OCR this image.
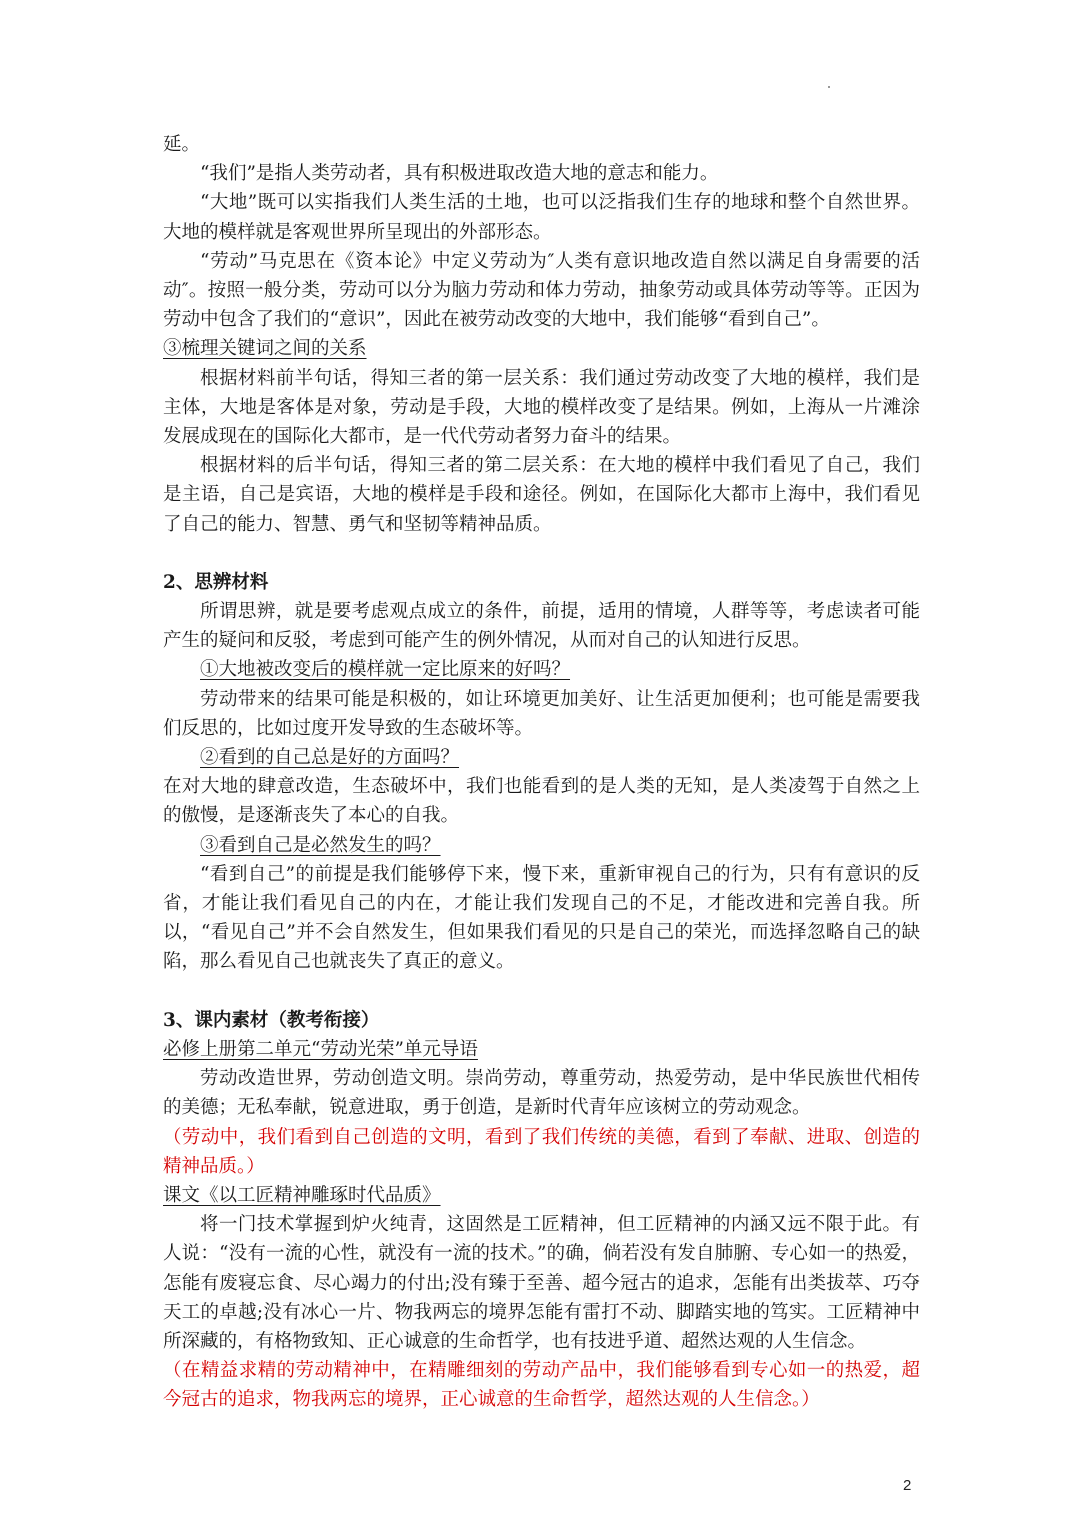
延。

“我们”是指人类劳动者，具有积极进取改造大地的意志和能力。

“大地”既可以实指我们人类生活的土地，也可以泛指我们生存的地球和整个自然世界。大地的模样就是客观世界所呈现出的外部形态。

“劳动”马克思在《资本论》中定义劳动为″人类有意识地改造自然以满足自身需要的活动″。按照一般分类，劳动可以分为脑力劳动和体力劳动，抽象劳动或具体劳动等等。正因为劳动中包含了我们的“意识”，因此在被劳动改变的大地中，我们能够“看到自己”。

③梳理关键词之间的关系

根据材料前半句话，得知三者的第一层关系：我们通过劳动改变了大地的模样，我们是主体，大地是客体是对象，劳动是手段，大地的模样改变了是结果。例如，上海从一片滩涂发展成现在的国际化大都市，是一代代劳动者努力奋斗的结果。

根据材料的后半句话，得知三者的第二层关系：在大地的模样中我们看见了自己，我们是主语，自己是宾语，大地的模样是手段和途径。例如，在国际化大都市上海中，我们看见了自己的能力、智慧、勇气和坚韧等精神品质。

2、思辨材料

所谓思辨，就是要考虑观点成立的条件，前提，适用的情境，人群等等，考虑读者可能产生的疑问和反驳，考虑到可能产生的例外情况，从而对自己的认知进行反思。

①大地被改变后的模样就一定比原来的好吗？

劳动带来的结果可能是积极的，如让环境更加美好、让生活更加便利；也可能是需要我们反思的，比如过度开发导致的生态破坏等。

②看到的自己总是好的方面吗？

在对大地的肆意改造，生态破坏中，我们也能看到的是人类的无知，是人类凌驾于自然之上的傲慢，是逐渐丧失了本心的自我。

③看到自己是必然发生的吗？

“看到自己”的前提是我们能够停下来，慢下来，重新审视自己的行为，只有有意识的反省，才能让我们看见自己的内在，才能让我们发现自己的不足，才能改进和完善自我。所以，“看见自己”并不会自然发生，但如果我们看见的只是自己的荣光，而选择忽略自己的缺陷，那么看见自己也就丧失了真正的意义。

3、课内素材（教考衔接）

必修上册第二单元“劳动光荣”单元导语

劳动改造世界，劳动创造文明。崇尚劳动，尊重劳动，热爱劳动，是中华民族世代相传的美德；无私奉献，锐意进取，勇于创造，是新时代青年应该树立的劳动观念。

（劳动中，我们看到自己创造的文明，看到了我们传统的美德，看到了奉献、进取、创造的精神品质。）

课文《以工匠精神雕琢时代品质》

将一门技术掌握到炉火纯青，这固然是工匠精神，但工匠精神的内涵又远不限于此。有人说：“没有一流的心性，就没有一流的技术。”的确，倘若没有发自肺腑、专心如一的热爱，怎能有废寝忘食、尽心竭力的付出;没有臻于至善、超今冠古的追求，怎能有出类拔萃、巧夺天工的卓越;没有冰心一片、物我两忘的境界怎能有雷打不动、脚踏实地的笃实。工匠精神中所深藏的，有格物致知、正心诚意的生命哲学，也有技进乎道、超然达观的人生信念。

（在精益求精的劳动精神中，在精雕细刻的劳动产品中，我们能够看到专心如一的热爱，超今冠古的追求，物我两忘的境界，正心诚意的生命哲学，超然达观的人生信念。）

2
